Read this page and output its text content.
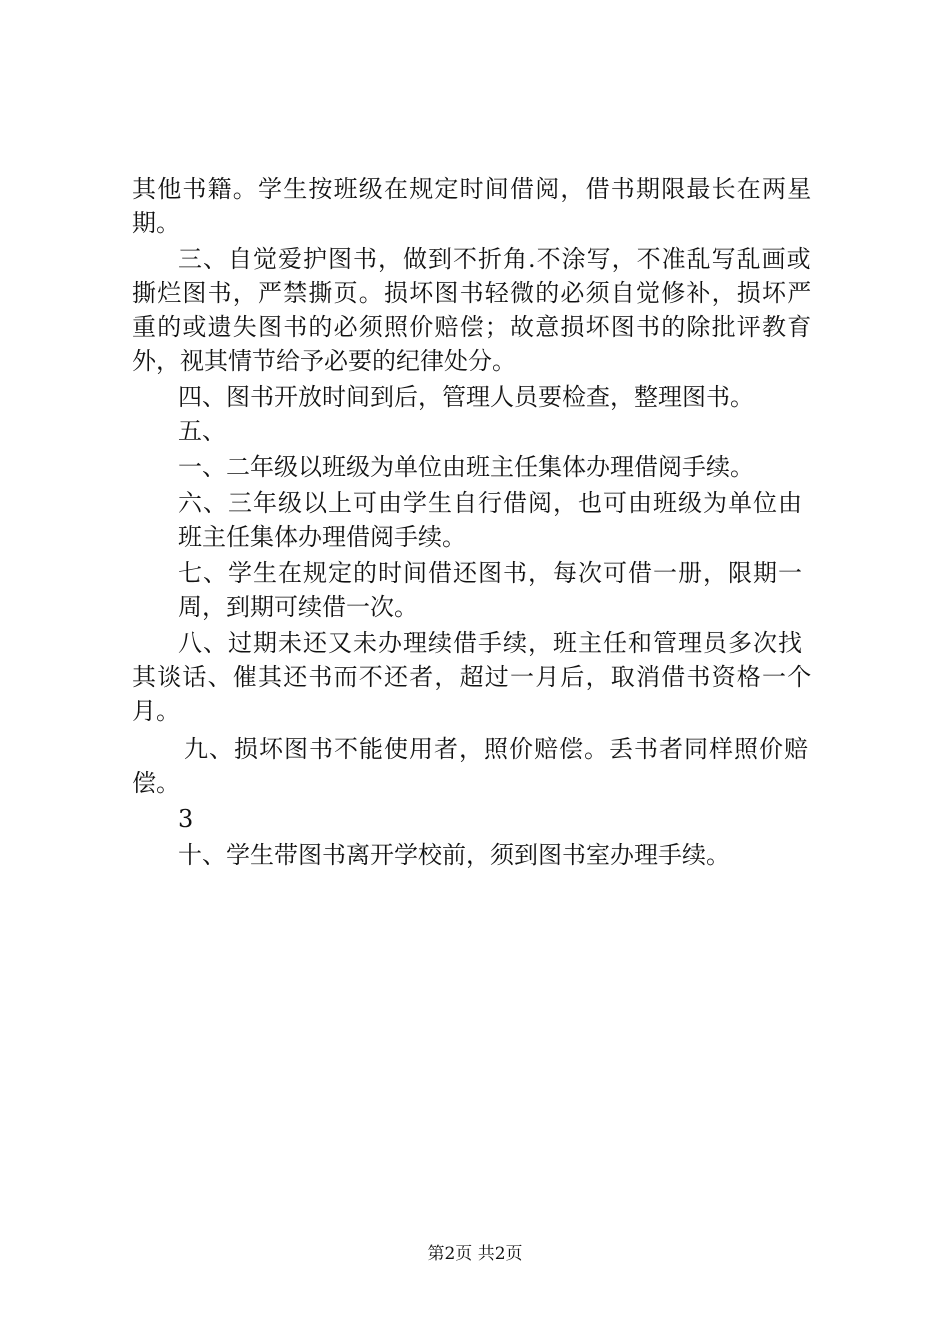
其他书籍。学生按班级在规定时间借阅，借书期限最长在两星
期。
三、自觉爱护图书，做到不折角.不涂写，不准乱写乱画或
撕烂图书，严禁撕页。损坏图书轻微的必须自觉修补，损坏严
重的或遗失图书的必须照价赔偿；故意损坏图书的除批评教育
外，视其情节给予必要的纪律处分。
四、图书开放时间到后，管理人员要检查，整理图书。
五、
一、二年级以班级为单位由班主任集体办理借阅手续。
六、三年级以上可由学生自行借阅，也可由班级为单位由
班主任集体办理借阅手续。
七、学生在规定的时间借还图书，每次可借一册，限期一
周，到期可续借一次。
八、过期未还又未办理续借手续，班主任和管理员多次找
其谈话、催其还书而不还者，超过一月后，取消借书资格一个
月。
九、损坏图书不能使用者，照价赔偿。丢书者同样照价赔
偿。
3
十、学生带图书离开学校前，须到图书室办理手续。
第2页 共2页
